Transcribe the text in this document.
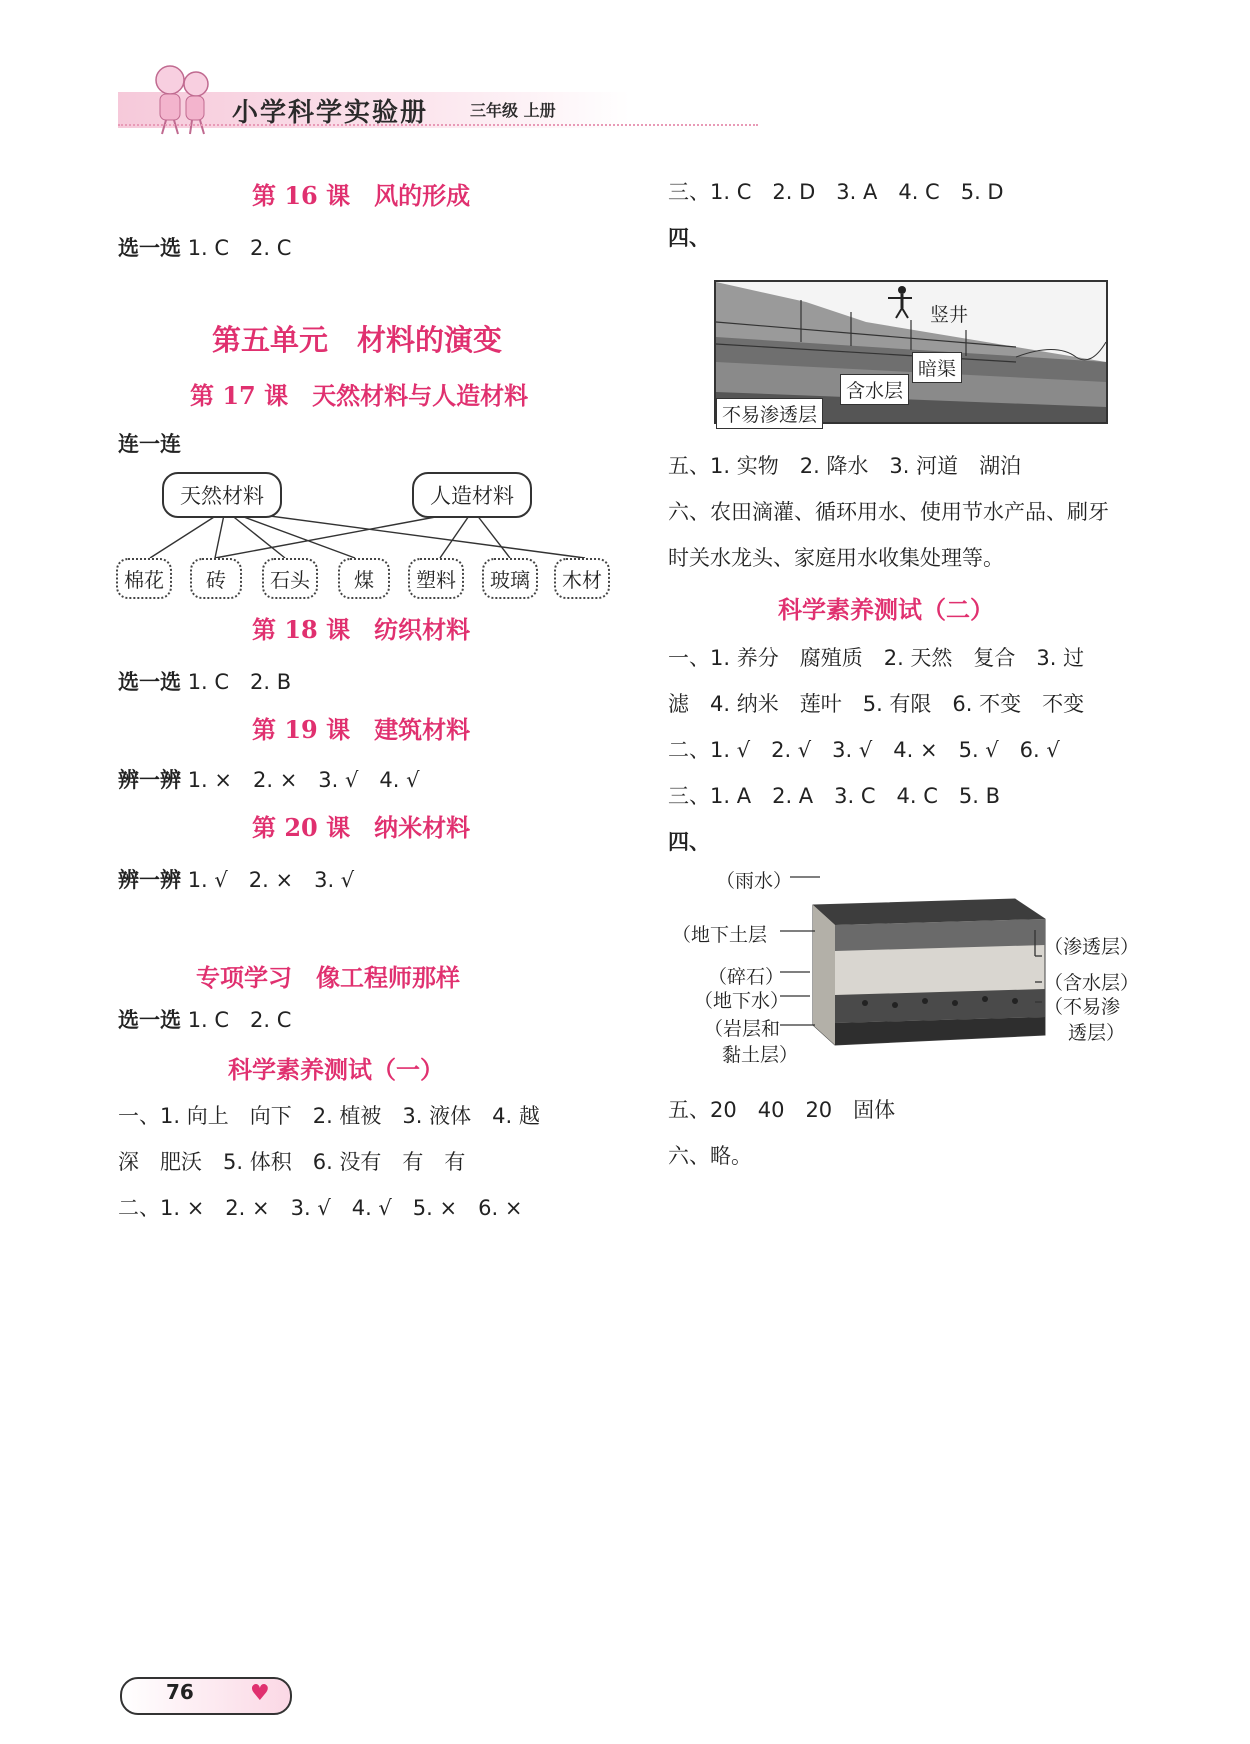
小学科学实验册	三年级 上册
第 16 课　风的形成
选一选 1. C　2. C
第五单元　材料的演变
第 17 课　天然材料与人造材料
连一连
天然材料	人造材料
棉花	砖	石头	煤	塑料	玻璃	木材
第 18 课　纺织材料
选一选 1. C　2. B
第 19 课　建筑材料
辨一辨 1. ×　2. ×　3. √　4. √
第 20 课　纳米材料
辨一辨 1. √　2. ×　3. √
专项学习　像工程师那样
选一选 1. C　2. C
科学素养测试（一）
一、1. 向上　向下　2. 植被　3. 液体　4. 越
深　肥沃　5. 体积　6. 没有　有　有
二、1. ×　2. ×　3. √　4. √　5. ×　6. ×
三、1. C　2. D　3. A　4. C　5. D
四、
竖井
暗渠
含水层
不易渗透层
五、1. 实物　2. 降水　3. 河道　湖泊
六、农田滴灌、循环用水、使用节水产品、刷牙
时关水龙头、家庭用水收集处理等。
科学素养测试（二）
一、1. 养分　腐殖质　2. 天然　复合　3. 过
滤　4. 纳米　莲叶　5. 有限　6. 不变　不变
二、1. √　2. √　3. √　4. ×　5. √　6. √
三、1. A　2. A　3. C　4. C　5. B
四、
（雨水）
（地下土层
（碎石）
（地下水）
（岩层和
黏土层）
（渗透层）
（含水层）
（不易渗
透层）
五、20　40　20　固体
六、略。
76	♥
